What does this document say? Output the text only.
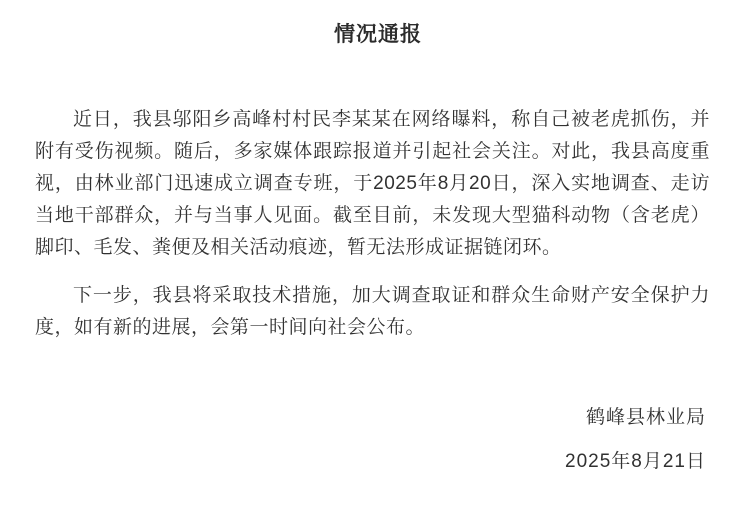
情况通报

近日，我县邬阳乡高峰村村民李某某在网络曝料，称自己被老虎抓伤，并附有受伤视频。随后，多家媒体跟踪报道并引起社会关注。对此，我县高度重视，由林业部门迅速成立调查专班，于2025年8月20日，深入实地调查、走访当地干部群众，并与当事人见面。截至目前，未发现大型猫科动物（含老虎）脚印、毛发、粪便及相关活动痕迹，暂无法形成证据链闭环。

下一步，我县将采取技术措施，加大调查取证和群众生命财产安全保护力度，如有新的进展，会第一时间向社会公布。

鹤峰县林业局

2025年8月21日
